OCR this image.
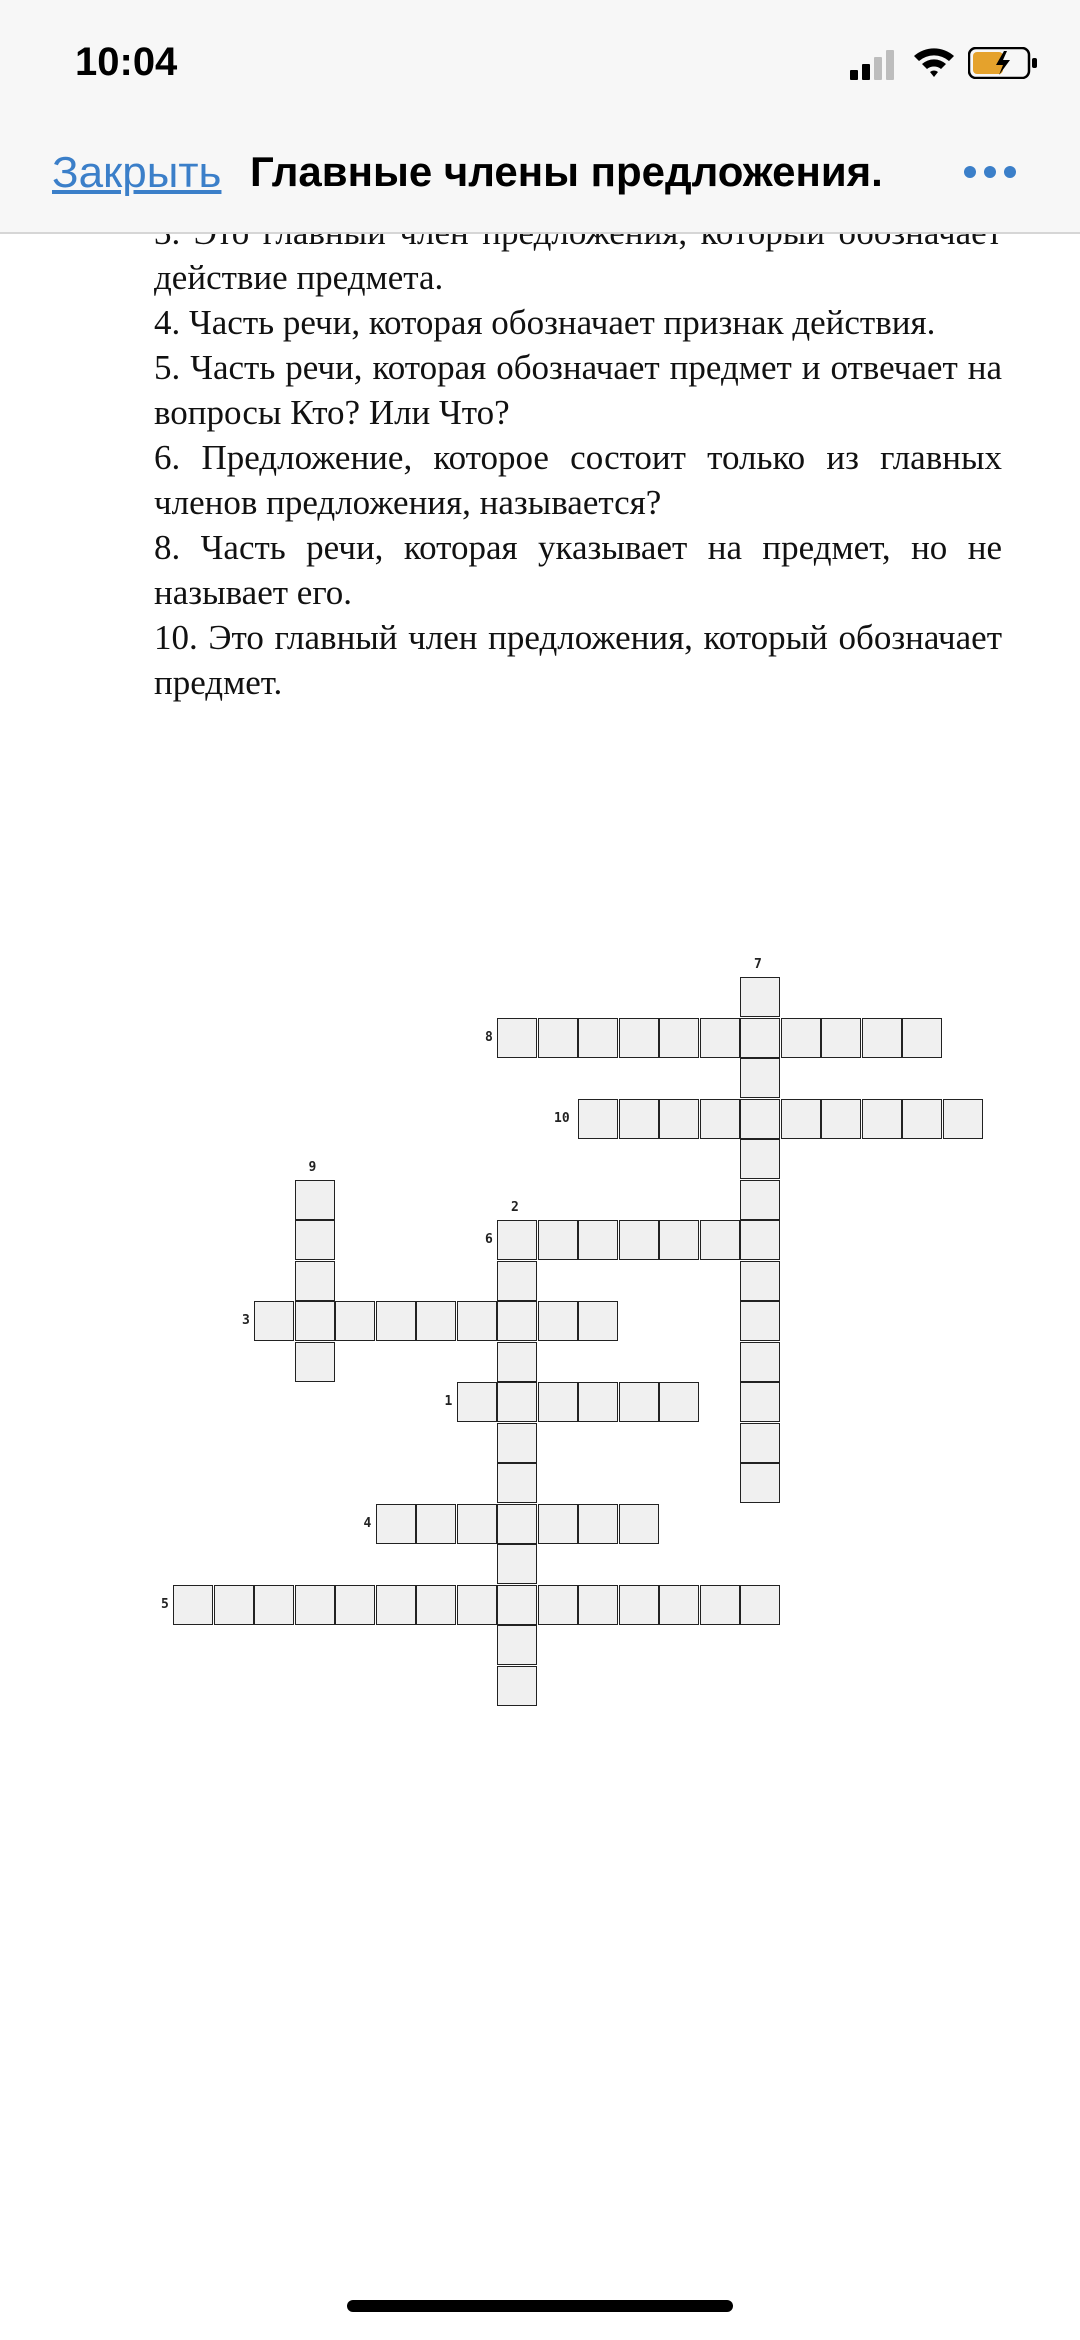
10:04
Закрыть Главные члены предложения.

действие предмета.

4. Часть речи, которая обозначает признак действия.

5. Часть речи, которая обозначает предмет и отвечает на вопросы Кто? Или Что?

6. Предложение, которое состоит только из главных членов предложения, называется?

8. Часть речи, которая указывает на предмет, но не называет его.

10. Это главный член предложения, который обозначает предмет.

7
8
10
9
2
6
3
1
4
5
